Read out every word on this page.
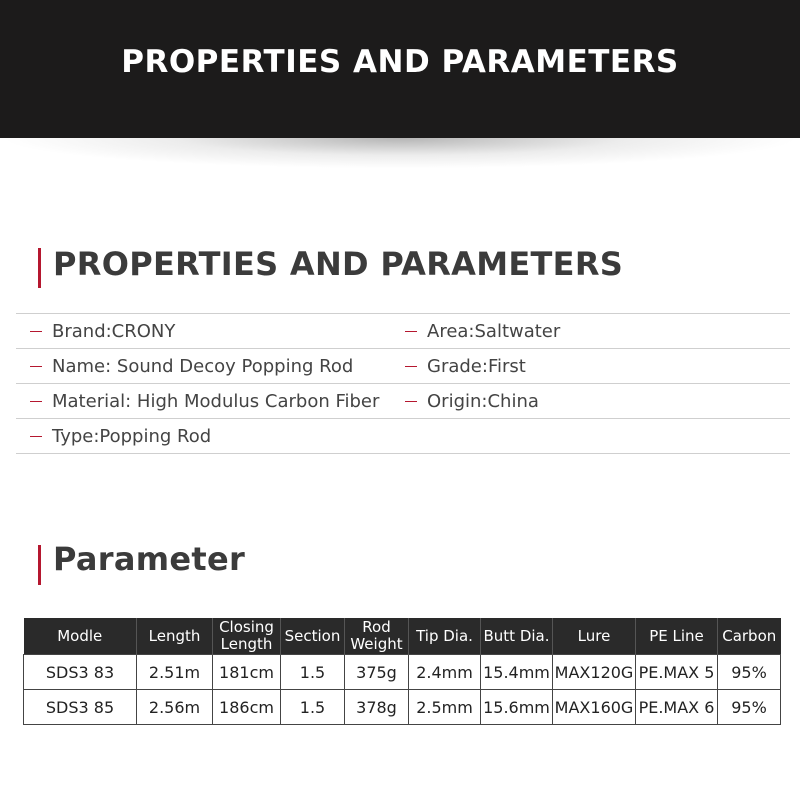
PROPERTIES AND PARAMETERS
PROPERTIES AND PARAMETERS
Brand:CRONY	Area:Saltwater
Name: Sound Decoy Popping Rod	Grade:First
Material: High Modulus Carbon Fiber	Origin:China
Type:Popping Rod
Parameter
Modle	Length	Closing Length	Section	Rod Weight	Tip Dia.	Butt Dia.	Lure	PE Line	Carbon
SDS3 83	2.51m	181cm	1.5	375g	2.4mm	15.4mm	MAX120G	PE.MAX 5	95%
SDS3 85	2.56m	186cm	1.5	378g	2.5mm	15.6mm	MAX160G	PE.MAX 6	95%
